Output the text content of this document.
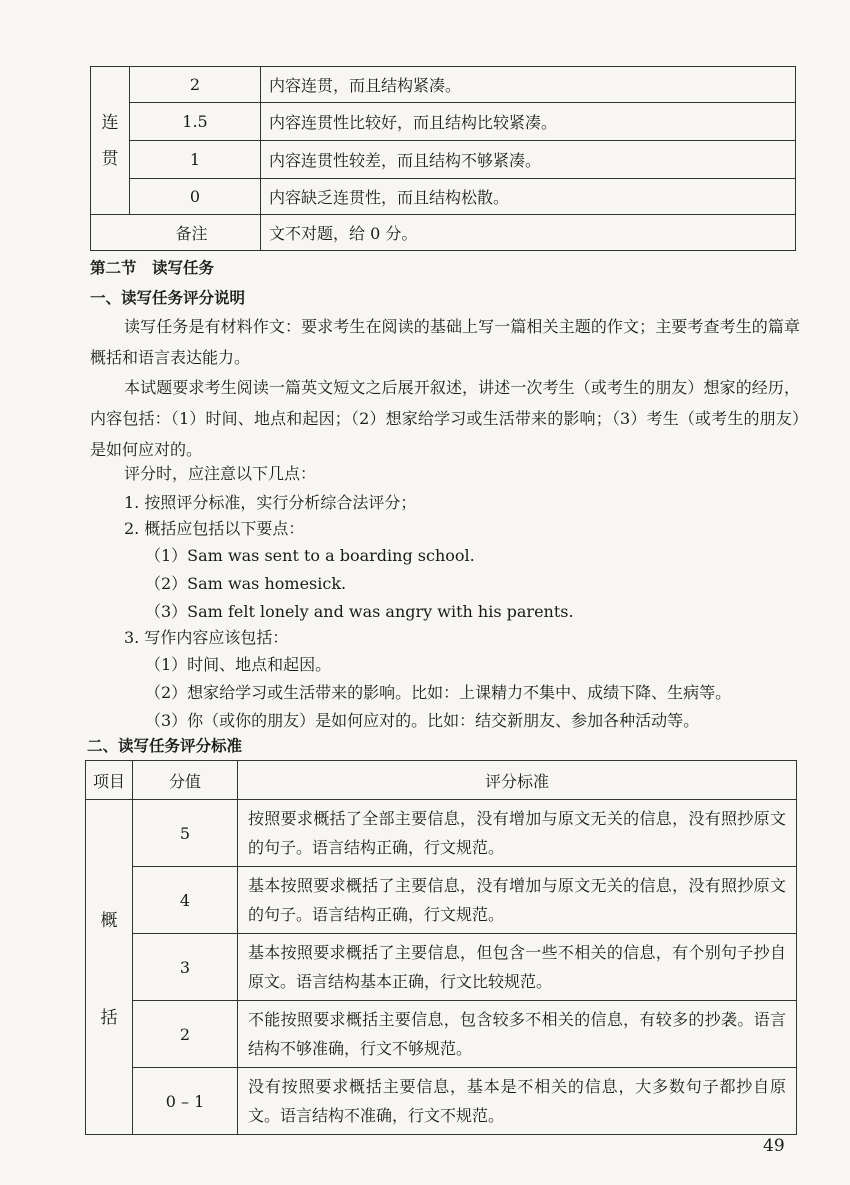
连
贯	2	内容连贯，而且结构紧凑。
	1.5	内容连贯性比较好，而且结构比较紧凑。
	1	内容连贯性较差，而且结构不够紧凑。
	0	内容缺乏连贯性，而且结构松散。
备注		文不对题，给 0 分。
第二节　读写任务
一、读写任务评分说明
读写任务是有材料作文：要求考生在阅读的基础上写一篇相关主题的作文；主要考查考生的篇章概括和语言表达能力。
本试题要求考生阅读一篇英文短文之后展开叙述，讲述一次考生（或考生的朋友）想家的经历，内容包括：（1）时间、地点和起因；（2）想家给学习或生活带来的影响；（3）考生（或考生的朋友）是如何应对的。
评分时，应注意以下几点：
1. 按照评分标准，实行分析综合法评分；
2. 概括应包括以下要点：
（1）Sam was sent to a boarding school.
（2）Sam was homesick.
（3）Sam felt lonely and was angry with his parents.
3. 写作内容应该包括：
（1）时间、地点和起因。
（2）想家给学习或生活带来的影响。比如：上课精力不集中、成绩下降、生病等。
（3）你（或你的朋友）是如何应对的。比如：结交新朋友、参加各种活动等。
二、读写任务评分标准
项目	分值	评分标准

概
括	5	按照要求概括了全部主要信息，没有增加与原文无关的信息，没有照抄原文的句子。语言结构正确，行文规范。
	4	基本按照要求概括了主要信息，没有增加与原文无关的信息，没有照抄原文的句子。语言结构正确，行文规范。
	3	基本按照要求概括了主要信息，但包含一些不相关的信息，有个别句子抄自原文。语言结构基本正确，行文比较规范。
	2	不能按照要求概括主要信息，包含较多不相关的信息，有较多的抄袭。语言结构不够准确，行文不够规范。
	0 – 1	没有按照要求概括主要信息，基本是不相关的信息，大多数句子都抄自原文。语言结构不准确，行文不规范。
49
